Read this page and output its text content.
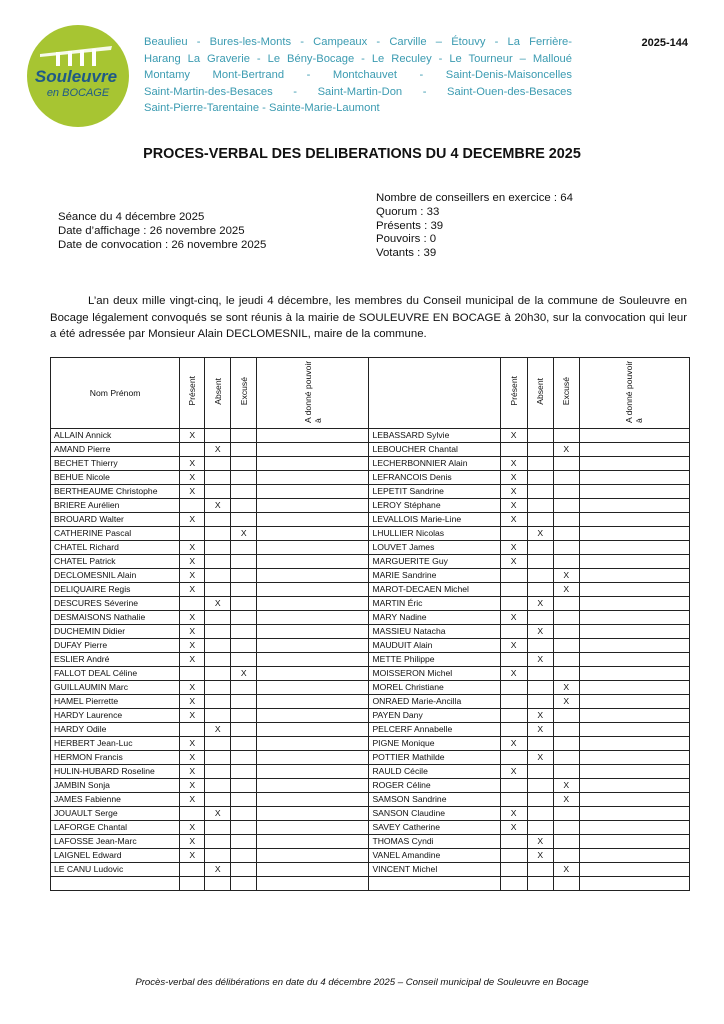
Souleuvre
en BOCAGE
Beaulieu - Bures-les-Monts - Campeaux - Carville – Étouvy - La Ferrière-
Harang La Graverie - Le Bény-Bocage - Le Reculey - Le Tourneur – Malloué
Montamy Mont-Bertrand - Montchauvet - Saint-Denis-Maisoncelles
Saint-Martin-des-Besaces - Saint-Martin-Don - Saint-Ouen-des-Besaces
Saint-Pierre-Tarentaine - Sainte-Marie-Laumont
2025-144
PROCES-VERBAL DES DELIBERATIONS DU 4 DECEMBRE 2025
Séance du 4 décembre 2025
Date d’affichage : 26 novembre 2025
Date de convocation : 26 novembre 2025
Nombre de conseillers en exercice : 64
Quorum : 33
Présents : 39
Pouvoirs : 0
Votants : 39
L’an deux mille vingt-cinq, le jeudi 4 décembre, les membres du Conseil municipal de la commune de Souleuvre en Bocage légalement convoqués se sont réunis à la mairie de SOULEUVRE EN BOCAGE à 20h30, sur la convocation qui leur a été adressée par Monsieur Alain DECLOMESNIL, maire de la commune.
Nom Prénom	Présent	Absent	Excusé	A donné pouvoir à		Présent	Absent	Excusé	A donné pouvoir à
ALLAIN Annick	X				LEBASSARD Sylvie	X			
AMAND Pierre		X			LEBOUCHER Chantal			X	
BECHET Thierry	X				LECHERBONNIER Alain	X			
BEHUE Nicole	X				LEFRANCOIS Denis	X			
BERTHEAUME Christophe	X				LEPETIT Sandrine	X			
BRIERE Aurélien		X			LEROY Stéphane	X			
BROUARD Walter	X				LEVALLOIS Marie-Line	X			
CATHERINE Pascal			X		LHULLIER Nicolas		X		
CHATEL Richard	X				LOUVET James	X			
CHATEL Patrick	X				MARGUERITE Guy	X			
DECLOMESNIL Alain	X				MARIE Sandrine			X	
DELIQUAIRE Regis	X				MAROT-DECAEN Michel			X	
DESCURES Séverine		X			MARTIN Éric		X		
DESMAISONS Nathalie	X				MARY Nadine	X			
DUCHEMIN Didier	X				MASSIEU Natacha		X		
DUFAY Pierre	X				MAUDUIT Alain	X			
ESLIER André	X				METTE Philippe		X		
FALLOT DEAL Céline			X		MOISSERON Michel	X			
GUILLAUMIN Marc	X				MOREL Christiane			X	
HAMEL Pierrette	X				ONRAED Marie-Ancilla			X	
HARDY Laurence	X				PAYEN Dany		X		
HARDY Odile		X			PELCERF Annabelle		X		
HERBERT Jean-Luc	X				PIGNE Monique	X			
HERMON Francis	X				POTTIER Mathilde		X		
HULIN-HUBARD Roseline	X				RAULD Cécile	X			
JAMBIN Sonja	X				ROGER Céline			X	
JAMES Fabienne	X				SAMSON Sandrine			X	
JOUAULT Serge		X			SANSON Claudine	X			
LAFORGE Chantal	X				SAVEY Catherine	X			
LAFOSSE Jean-Marc	X				THOMAS Cyndi		X		
LAIGNEL Edward	X				VANEL Amandine		X		
LE CANU Ludovic		X			VINCENT Michel			X	

Procès-verbal des délibérations en date du 4 décembre 2025 – Conseil municipal de Souleuvre en Bocage
